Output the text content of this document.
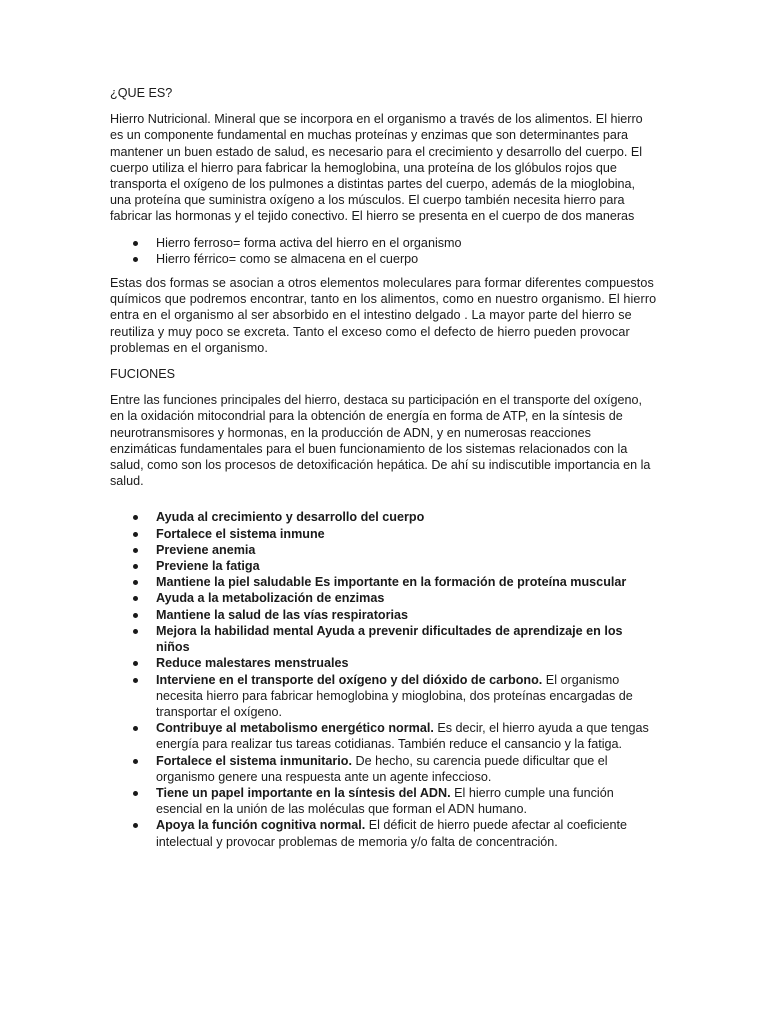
¿QUE ES?

Hierro Nutricional. Mineral que se incorpora en el organismo a través de los alimentos. El hierro es un componente fundamental en muchas proteínas y enzimas que son determinantes para mantener un buen estado de salud, es necesario para el crecimiento y desarrollo del cuerpo. El cuerpo utiliza el hierro para fabricar la hemoglobina, una proteína de los glóbulos rojos que transporta el oxígeno de los pulmones a distintas partes del cuerpo, además de la mioglobina, una proteína que suministra oxígeno a los músculos. El cuerpo también necesita hierro para fabricar las hormonas y el tejido conectivo. El hierro se presenta en el cuerpo de dos maneras

Hierro ferroso= forma activa del hierro en el organismo
Hierro férrico= como se almacena en el cuerpo

Estas dos formas se asocian a otros elementos moleculares para formar diferentes compuestos químicos que podremos encontrar, tanto en los alimentos, como en nuestro organismo. El hierro entra en el organismo al ser absorbido en el intestino delgado . La mayor parte del hierro se reutiliza y muy poco se excreta. Tanto el exceso como el defecto de hierro pueden provocar problemas en el organismo.

FUCIONES

Entre las funciones principales del hierro, destaca su participación en el transporte del oxígeno, en la oxidación mitocondrial para la obtención de energía en forma de ATP, en la síntesis de neurotransmisores y hormonas, en la producción de ADN, y en numerosas reacciones enzimáticas fundamentales para el buen funcionamiento de los sistemas relacionados con la salud, como son los procesos de detoxificación hepática. De ahí su indiscutible importancia en la salud.

Ayuda al crecimiento y desarrollo del cuerpo
Fortalece el sistema inmune
Previene anemia
Previene la fatiga
Mantiene la piel saludable Es importante en la formación de proteína muscular
Ayuda a la metabolización de enzimas
Mantiene la salud de las vías respiratorias
Mejora la habilidad mental Ayuda a prevenir dificultades de aprendizaje en los niños
Reduce malestares menstruales
Interviene en el transporte del oxígeno y del dióxido de carbono. El organismo necesita hierro para fabricar hemoglobina y mioglobina, dos proteínas encargadas de transportar el oxígeno.
Contribuye al metabolismo energético normal. Es decir, el hierro ayuda a que tengas energía para realizar tus tareas cotidianas. También reduce el cansancio y la fatiga.
Fortalece el sistema inmunitario. De hecho, su carencia puede dificultar que el organismo genere una respuesta ante un agente infeccioso.
Tiene un papel importante en la síntesis del ADN. El hierro cumple una función esencial en la unión de las moléculas que forman el ADN humano.
Apoya la función cognitiva normal. El déficit de hierro puede afectar al coeficiente intelectual y provocar problemas de memoria y/o falta de concentración.
